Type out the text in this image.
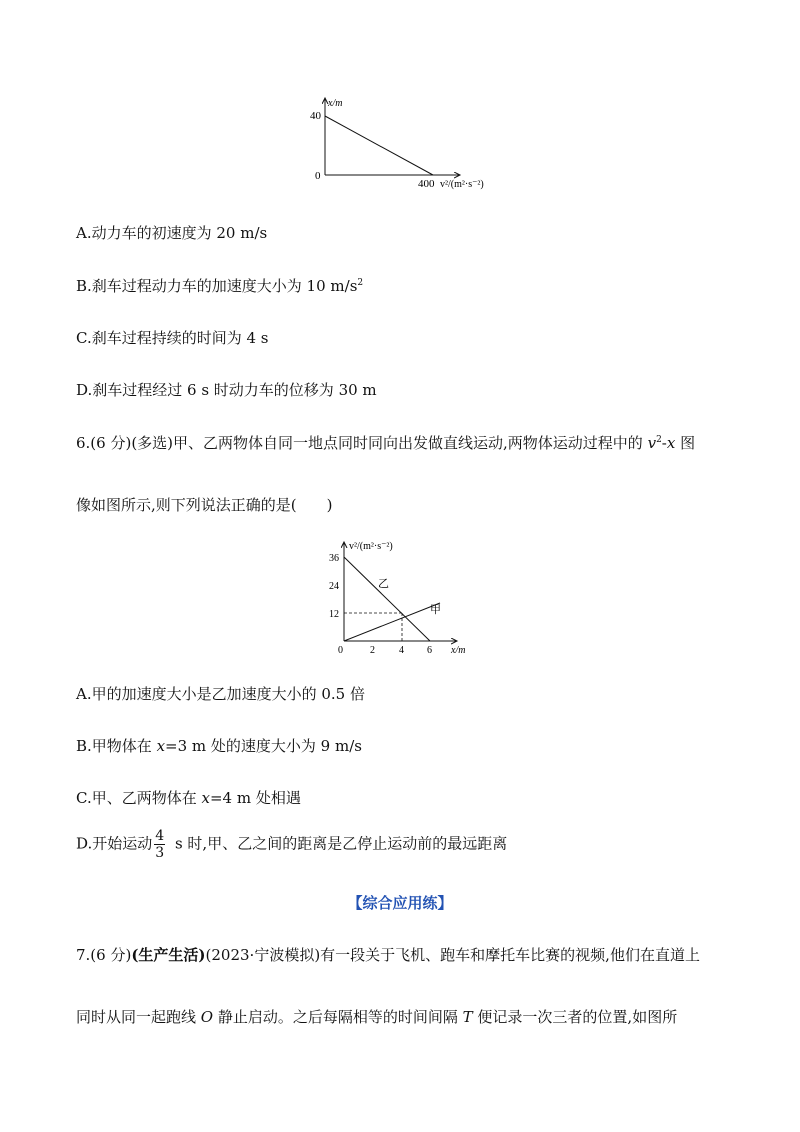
x/m
40
0
400 v²/(m²·s⁻²)
A.动力车的初速度为 20 m/s
B.刹车过程动力车的加速度大小为 10 $m/s^2$
C.刹车过程持续的时间为 4 s
D.刹车过程经过 6 s 时动力车的位移为 30 m
6.(6 分)(多选)甲、乙两物体自同一地点同时同向出发做直线运动,两物体运动过程中的 $v^2-x$ 图
像如图所示,则下列说法正确的是(　　)
v²/(m²·s⁻²)
36
24
12
0	2 4 6 x/m
乙
甲
A.甲的加速度大小是乙加速度大小的 0.5 倍
B.甲物体在 x=3 m 处的速度大小为 9 m/s
C.甲、乙两物体在 x=4 m 处相遇
D.开始运动 $\frac{4}{3}$ s 时,甲、乙之间的距离是乙停止运动前的最远距离
【综合应用练】
7.(6 分)(生产生活)(2023·宁波模拟)有一段关于飞机、跑车和摩托车比赛的视频,他们在直道上
同时从同一起跑线 O 静止启动。之后每隔相等的时间间隔 T 便记录一次三者的位置,如图所
